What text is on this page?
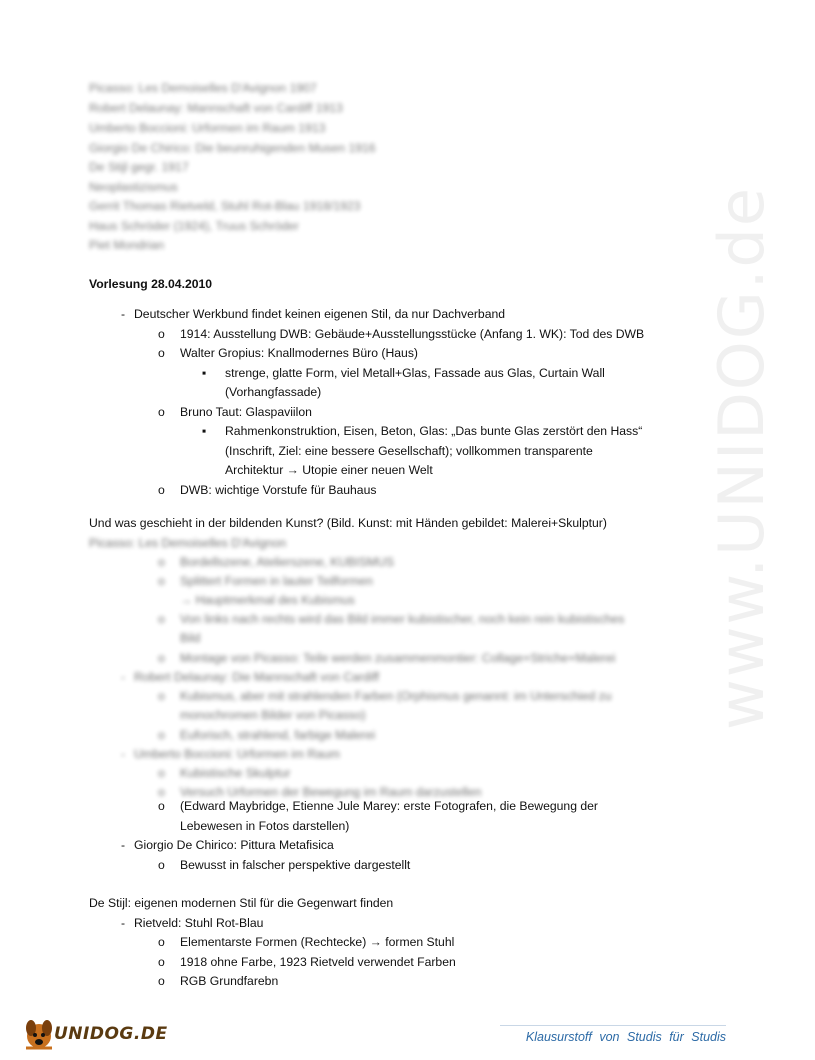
www.UNIDOG.de
Picasso: Les Demoiselles D'Avignon 1907
Robert Delaunay: Mannschaft von Cardiff 1913
Umberto Boccioni: Urformen im Raum 1913
Giorgio De Chirico: Die beunruhigenden Musen 1916
De Stijl gegr. 1917
Neoplastizismus
Gerrit Thomas Rietveld, Stuhl Rot-Blau 1918/1923
Haus Schröder (1924), Truus Schröder
Piet Mondrian
Vorlesung 28.04.2010
- Deutscher Werkbund findet keinen eigenen Stil, da nur Dachverband
o 1914: Ausstellung DWB: Gebäude+Ausstellungsstücke (Anfang 1. WK): Tod des DWB
o Walter Gropius: Knallmodernes Büro (Haus)
▪ strenge, glatte Form, viel Metall+Glas, Fassade aus Glas, Curtain Wall
(Vorhangfassade)
o Bruno Taut: Glaspaviilon
▪ Rahmenkonstruktion, Eisen, Beton, Glas: „Das bunte Glas zerstört den Hass“
(Inschrift, Ziel: eine bessere Gesellschaft); vollkommen transparente
Architektur → Utopie einer neuen Welt
o DWB: wichtige Vorstufe für Bauhaus
Und was geschieht in der bildenden Kunst? (Bild. Kunst: mit Händen gebildet: Malerei+Skulptur)
Picasso: Les Demoiselles D'Avignon
o Bordellszene, Atelierszene, KUBISMUS
o Splittert Formen in lauter Teilformen
→ Hauptmerkmal des Kubismus
o Von links nach rechts wird das Bild immer kubistischer, noch kein rein kubistisches
Bild
o Montage von Picasso: Teile werden zusammenmontier: Collage+Striche+Malerei
- Robert Delaunay: Die Mannschaft von Cardiff
o Kubismus, aber mit strahlenden Farben (Orphismus genannt: im Unterschied zu
monochromen Bilder von Picasso)
o Euforisch, strahlend, farbige Malerei
- Umberto Boccioni: Urformen im Raum
o Kubistische Skulptur
o Versuch Urformen der Bewegung im Raum darzustellen
o (Edward Maybridge, Etienne Jule Marey: erste Fotografen, die Bewegung der
Lebewesen in Fotos darstellen)
- Giorgio De Chirico: Pittura Metafisica
o Bewusst in falscher perspektive dargestellt
De Stijl: eigenen modernen Stil für die Gegenwart finden
- Rietveld: Stuhl Rot-Blau
o Elementarste Formen (Rechtecke) → formen Stuhl
o 1918 ohne Farbe, 1923 Rietveld verwendet Farben
o RGB Grundfarebn
UNIDOG.DE	Klausurstoff von Studis für Studis
